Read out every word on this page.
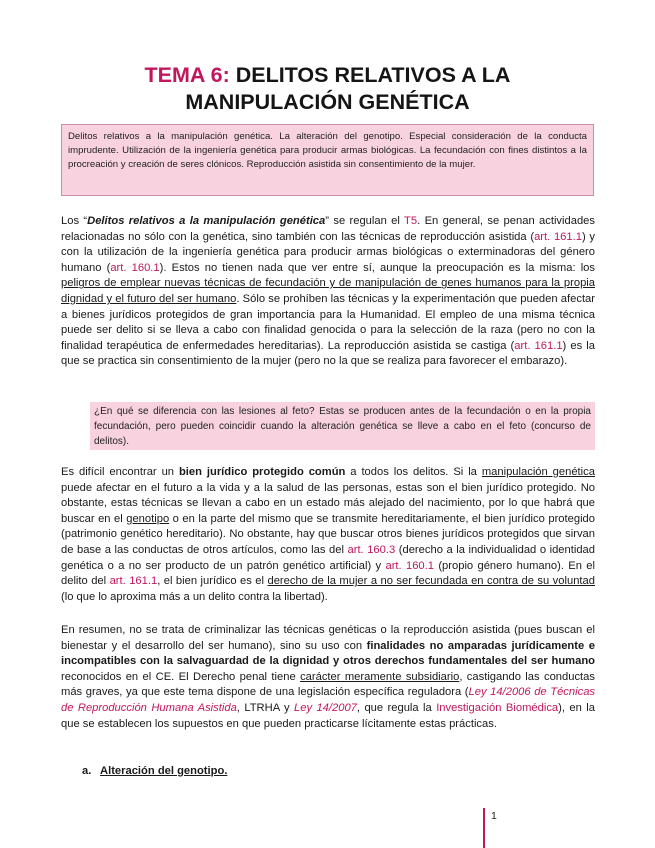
TEMA 6: DELITOS RELATIVOS A LA
MANIPULACIÓN GENÉTICA
Delitos relativos a la manipulación genética. La alteración del genotipo. Especial consideración de la conducta imprudente. Utilización de la ingeniería genética para producir armas biológicas. La fecundación con fines distintos a la procreación y creación de seres clónicos. Reproducción asistida sin consentimiento de la mujer.

Los “Delitos relativos a la manipulación genética” se regulan el T5. En general, se penan actividades relacionadas no sólo con la genética, sino también con las técnicas de reproducción asistida (art. 161.1) y con la utilización de la ingeniería genética para producir armas biológicas o exterminadoras del género humano (art. 160.1). Estos no tienen nada que ver entre sí, aunque la preocupación es la misma: los peligros de emplear nuevas técnicas de fecundación y de manipulación de genes humanos para la propia dignidad y el futuro del ser humano. Sólo se prohíben las técnicas y la experimentación que pueden afectar a bienes jurídicos protegidos de gran importancia para la Humanidad. El empleo de una misma técnica puede ser delito si se lleva a cabo con finalidad genocida o para la selección de la raza (pero no con la finalidad terapéutica de enfermedades hereditarias). La reproducción asistida se castiga (art. 161.1) es la que se practica sin consentimiento de la mujer (pero no la que se realiza para favorecer el embarazo).

¿En qué se diferencia con las lesiones al feto? Estas se producen antes de la fecundación o en la propia fecundación, pero pueden coincidir cuando la alteración genética se lleve a cabo en el feto (concurso de delitos).

Es difícil encontrar un bien jurídico protegido común a todos los delitos. Si la manipulación genética puede afectar en el futuro a la vida y a la salud de las personas, estas son el bien jurídico protegido. No obstante, estas técnicas se llevan a cabo en un estado más alejado del nacimiento, por lo que habrá que buscar en el genotipo o en la parte del mismo que se transmite hereditariamente, el bien jurídico protegido (patrimonio genético hereditario). No obstante, hay que buscar otros bienes jurídicos protegidos que sirvan de base a las conductas de otros artículos, como las del art. 160.3 (derecho a la individualidad o identidad genética o a no ser producto de un patrón genético artificial) y art. 160.1 (propio género humano). En el delito del art. 161.1, el bien jurídico es el derecho de la mujer a no ser fecundada en contra de su voluntad (lo que lo aproxima más a un delito contra la libertad).

En resumen, no se trata de criminalizar las técnicas genéticas o la reproducción asistida (pues buscan el bienestar y el desarrollo del ser humano), sino su uso con finalidades no amparadas jurídicamente e incompatibles con la salvaguardad de la dignidad y otros derechos fundamentales del ser humano reconocidos en el CE. El Derecho penal tiene carácter meramente subsidiario, castigando las conductas más graves, ya que este tema dispone de una legislación específica reguladora (Ley 14/2006 de Técnicas de Reproducción Humana Asistida, LTRHA y Ley 14/2007, que regula la Investigación Biomédica), en la que se establecen los supuestos en que pueden practicarse lícitamente estas prácticas.

a. Alteración del genotipo.
1
